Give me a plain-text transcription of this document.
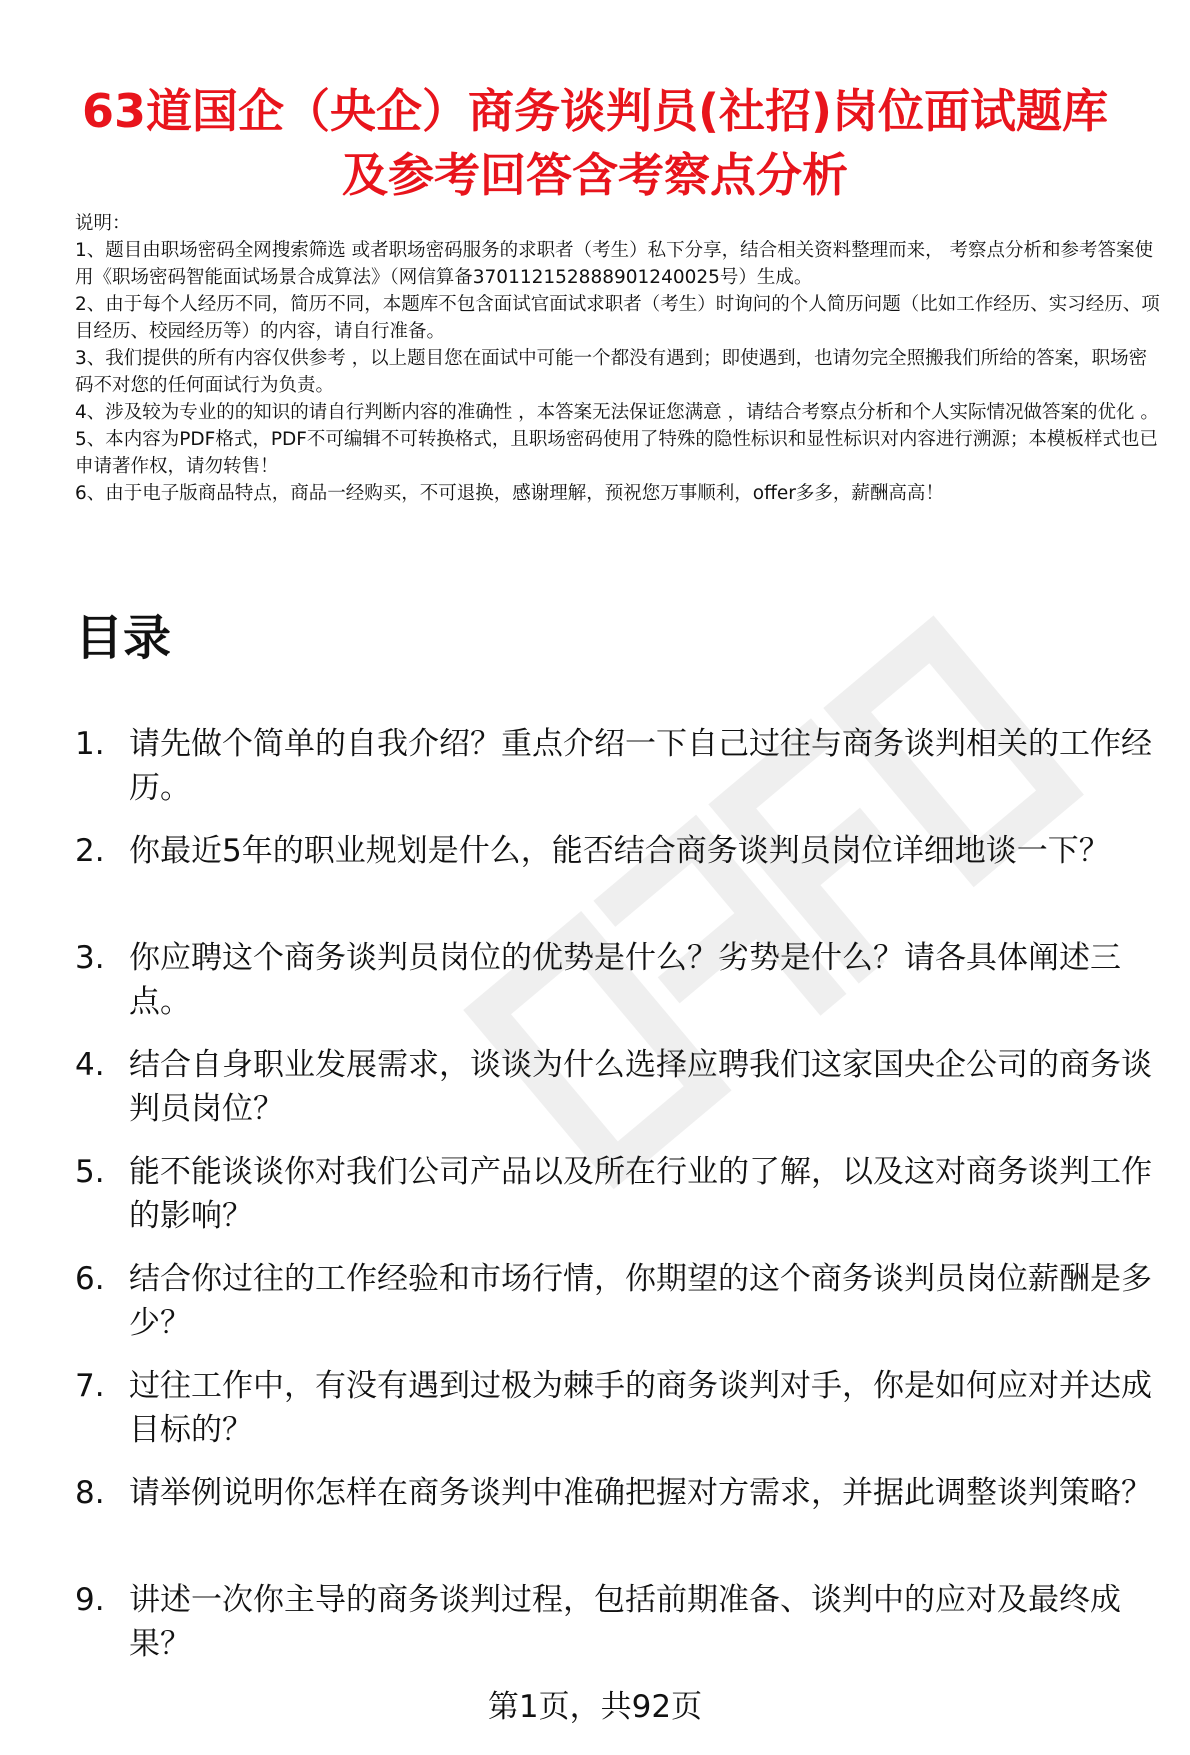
63道国企（央企）商务谈判员(社招)岗位面试题库及参考回答含考察点分析

说明：

1、题目由职场密码全网搜索筛选 或者职场密码服务的求职者（考生）私下分享，结合相关资料整理而来， 考察点分析和参考答案使用《职场密码智能面试场景合成算法》（网信算备370112152888901240025号）生成。

2、由于每个人经历不同，简历不同，本题库不包含面试官面试求职者（考生）时询问的个人简历问题（比如工作经历、实习经历、项目经历、校园经历等）的内容，请自行准备。

3、我们提供的所有内容仅供参考 ，以上题目您在面试中可能一个都没有遇到；即使遇到，也请勿完全照搬我们所给的答案，职场密码不对您的任何面试行为负责。

4、涉及较为专业的的知识的请自行判断内容的准确性 ，本答案无法保证您满意 ，请结合考察点分析和个人实际情况做答案的优化 。

5、本内容为PDF格式，PDF不可编辑不可转换格式，且职场密码使用了特殊的隐性标识和显性标识对内容进行溯源；本模板样式也已申请著作权，请勿转售！

6、由于电子版商品特点，商品一经购买，不可退换，感谢理解，预祝您万事顺利，offer多多，薪酬高高！

目录
1. 请先做个简单的自我介绍？重点介绍一下自己过往与商务谈判相关的工作经历。
2. 你最近5年的职业规划是什么，能否结合商务谈判员岗位详细地谈一下？
3. 你应聘这个商务谈判员岗位的优势是什么？劣势是什么？请各具体阐述三点。
4. 结合自身职业发展需求，谈谈为什么选择应聘我们这家国央企公司的商务谈判员岗位？
5. 能不能谈谈你对我们公司产品以及所在行业的了解，以及这对商务谈判工作的影响？
6. 结合你过往的工作经验和市场行情，你期望的这个商务谈判员岗位薪酬是多少？
7. 过往工作中，有没有遇到过极为棘手的商务谈判对手，你是如何应对并达成目标的？
8. 请举例说明你怎样在商务谈判中准确把握对方需求，并据此调整谈判策略？
9. 讲述一次你主导的商务谈判过程，包括前期准备、谈判中的应对及最终成果？
第1页，共92页
